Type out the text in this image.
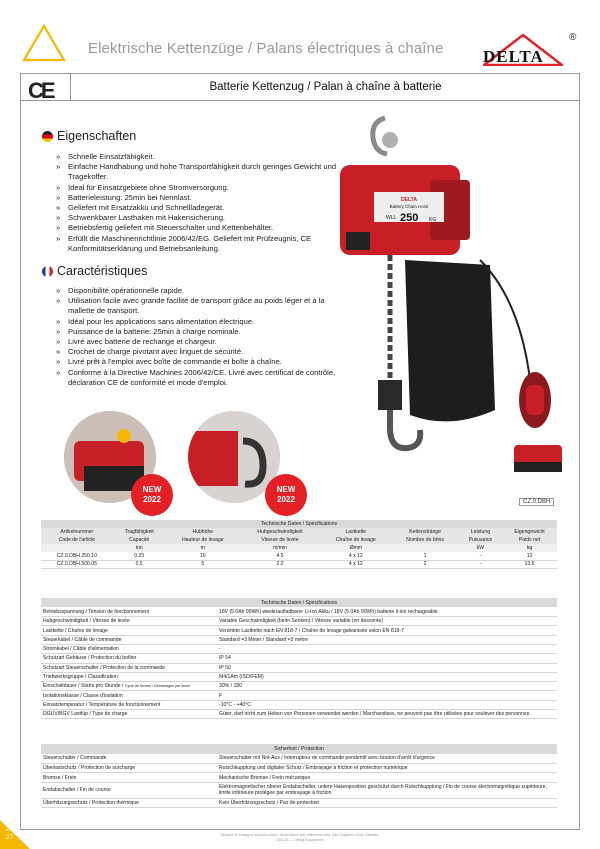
Elektrische Kettenzüge / Palans électriques à chaîne DELTA
®
CE	Batterie Kettenzug / Palan à chaîne à batterie
Eigenschaften
» Schnelle Einsatzfähigkeit.
» Einfache Handhabung und hohe Transportfähigkeit durch geringes Gewicht und Tragekoffer.
» Ideal für Einsatzgebiete ohne Stromversorgung.
» Batterieleistung: 25min bei Nennlast.
» Geliefert mit Ersatzakku und Schnellladegerät.
» Schwenkbarer Lasthaken mit Hakensicherung.
» Betriebsfertig geliefert mit Steuerschalter und Kettenbehälter.
» Erfüllt die Maschinenrichtlinie 2006/42/EG. Geliefert mit Prüfzeugnis, CE Konformitätserklärung und Betriebsanleitung.
Caractéristiques
» Disponibilité opérationnelle rapide.
» Utilisation facile avec grande facilité de transport grâce au poids léger et à la mallette de transport.
» Idéal pour les applications sans alimentation électrique.
» Puissance de la batterie: 25min à charge nominale.
» Livré avec batterie de rechange et chargeur.
» Crochet de charge pivotant avec linguet de sécurité.
» Livré prêt à l'emploi avec boîte de commande et boîte à chaîne.
» Conforme à la Directive Machines 2006/42/CE. Livré avec certificat de contrôle, déclaration CE de conformité et mode d'emploi.
DELTA
Battery Chain Hoist
WLL 250 KG
CZ.0.DBH
NEW
2022
NEW
2022
Technische Daten / Spécifications							
Artikelnummer	Tragfähigkeit	Hubhöhe	Hubgeschwindigkeit	Lastkette	Kettenstränge	Leistung	Eigengewicht
Code de l'article	Capacité	Hauteur de levage	Vitesse de levée	Chaîne de levage	Nombre de brins	Puissance	Poids net
	ton	m	m/min	Ømm		kW	kg
CZ.0.DBH.250.10	0.25	10	4.5	4 x 12	1	-	12
CZ.0.DBH.500.05	0.5	5	2.2	4 x 12	2	-	13.5
Technische Daten / Spécifications	
Betriebsspannung / Tension de fonctionnement	18V (5.0Ah 90Wh) wiederaufladbarer Li-Ion Akku / 18V (5.0Ah 90Wh) batterie li-ion rechargeable
Hubgeschwindigkeit / Vitesse de levée	Variable Geschwindigkeit (beim Senken) / Vitesse variable (en descente)
Lastkette / Chaîne de levage	Verzinkte Lastkette nach EN 818-7 / Chaîne de levage galvanisée selon EN 818-7
Steuerkabel / Câble de commande	Standard =3 Meter / Standard =3 mètre
Stromkabel / Câble d'alimentation	-
Schutzart Gehäuse / Protection du boîtier	IP 54
Schutzart Steuerschalter / Protection de la commande	IP 50
Triebwerksgruppe / Classification	M4/1Am (ISO/FEM)
Einschaltdauer / Starts pro Stunde / Cycle de service / Démarrages par heure	30% / 180
Isolationsklasse / Classe d'isolation	F
Einsatztemperatur / Température de fonctionnement	-10°C - +40°C
DGUV/BGV Lastfüp / Type de charge	Güter, darf nicht zum Heben von Personen verwendet werden / Marchandises, ne peuvent pas être utilisées pour soulever des personnes
Sicherheit / Protection	
Steuerschalter / Commande	Steuerschalter mit Not-Aus / Interrupteur de commande pendentif avec bouton d'arrêt d'urgence
Überlastschutz / Protection de surcharge	Rutschkupplung und digitaler Schutz / Embrayage à friction et protection numérique
Bremse / Frein	Mechanische Bremse / Frein mécanique
Endabschalter / Fin de course	Elektromagnetischer oberer Endabschalter, untere Hakenposition geschützt durch Rutschkupplung / Fin de course électromagnétique supérieure, limite inférieure protégée par embrayage à friction
Überhitzungsschutz / Protection thermique	Kein Überhitzungsschutz / Pas de protection
Subject to changes without notice. Illustrations are reference only. Alle Angaben ohne Gewähr.
DELTA — Lifting Equipment
26
27
